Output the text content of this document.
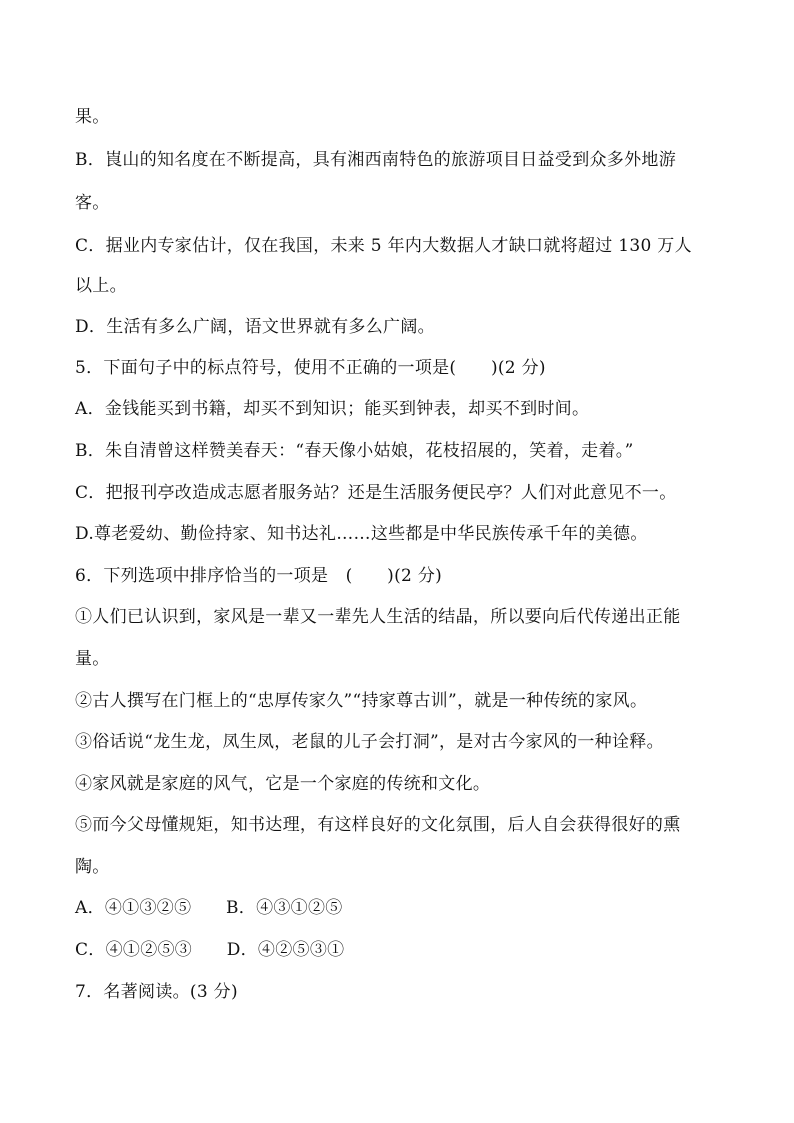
果。
B．崀山的知名度在不断提高，具有湘西南特色的旅游项目日益受到众多外地游
客。
C．据业内专家估计，仅在我国，未来 5 年内大数据人才缺口就将超过 130 万人
以上。
D．生活有多么广阔，语文世界就有多么广阔。
5．下面句子中的标点符号，使用不正确的一项是(　　)(2 分)
A．金钱能买到书籍，却买不到知识；能买到钟表，却买不到时间。
B．朱自清曾这样赞美春天：“春天像小姑娘，花枝招展的，笑着，走着。”
C．把报刊亭改造成志愿者服务站？还是生活服务便民亭？人们对此意见不一。
D.尊老爱幼、勤俭持家、知书达礼……这些都是中华民族传承千年的美德。
6．下列选项中排序恰当的一项是　(　　)(2 分)
①人们已认识到，家风是一辈又一辈先人生活的结晶，所以要向后代传递出正能
量。
②古人撰写在门框上的“忠厚传家久”“持家尊古训”，就是一种传统的家风。
③俗话说“龙生龙，凤生凤，老鼠的儿子会打洞”，是对古今家风的一种诠释。
④家风就是家庭的风气，它是一个家庭的传统和文化。
⑤而今父母懂规矩，知书达理，有这样良好的文化氛围，后人自会获得很好的熏
陶。
A．④①③②⑤　　B．④③①②⑤
C．④①②⑤③　　D．④②⑤③①
7．名著阅读。(3 分)
